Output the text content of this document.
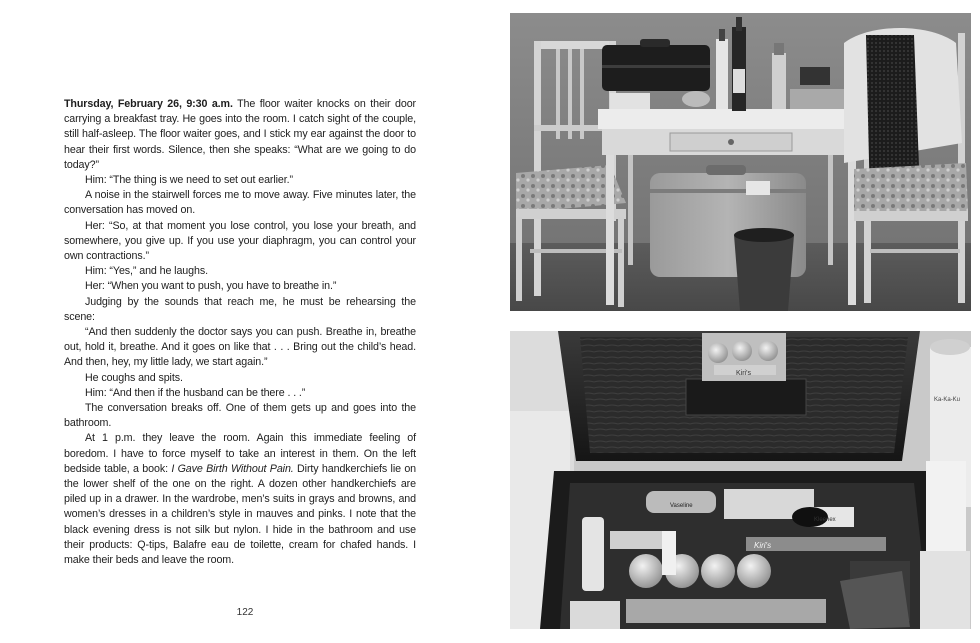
Thursday, February 26, 9:30 a.m. The floor waiter knocks on their door carrying a breakfast tray. He goes into the room. I catch sight of the couple, still half-asleep. The floor waiter goes, and I stick my ear against the door to hear their first words. Silence, then she speaks: “What are we going to do today?”

Him: “The thing is we need to set out earlier.”

A noise in the stairwell forces me to move away. Five minutes later, the conversation has moved on.

Her: “So, at that moment you lose control, you lose your breath, and somewhere, you give up. If you use your diaphragm, you can control your own contractions.”

Him: “Yes,” and he laughs.

Her: “When you want to push, you have to breathe in.”

Judging by the sounds that reach me, he must be rehearsing the scene:

“And then suddenly the doctor says you can push. Breathe in, breathe out, hold it, breathe. And it goes on like that . . . Bring out the child’s head. And then, hey, my little lady, we start again.”

He coughs and spits.

Him: “And then if the husband can be there . . .”

The conversation breaks off. One of them gets up and goes into the bathroom.

At 1 p.m. they leave the room. Again this immediate feeling of boredom. I have to force myself to take an interest in them. On the left bedside table, a book: I Gave Birth Without Pain. Dirty handkerchiefs lie on the lower shelf of the one on the right. A dozen other handkerchiefs are piled up in a drawer. In the wardrobe, men’s suits in grays and browns, and women’s dresses in a children’s style in mauves and pinks. I note that the black evening dress is not silk but nylon. I hide in the bathroom and use their products: Q-tips, Balafre eau de toilette, cream for chafed hands. I make their beds and leave the room.

122
Kiri's
Kiri's
Kleenex
Vaseline
Ka-Ka-Ku
